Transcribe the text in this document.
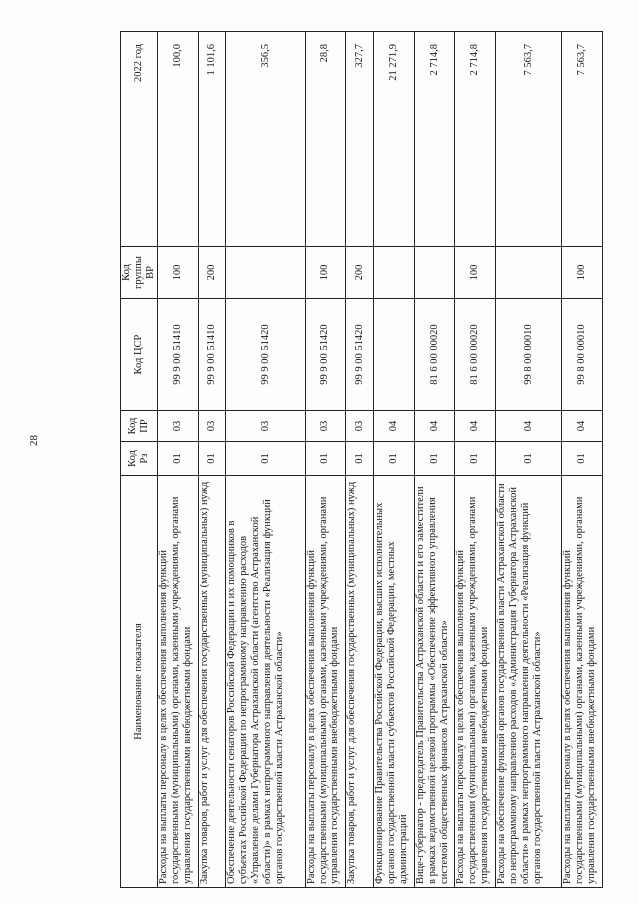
28
Наименование показателя	Код Рз	Код ПР	Код ЦСР	Код группы ВР	2022 год
Расходы на выплаты персоналу в целях обеспечения выполнения функций государственными (муниципальными) органами, казенными учреждениями, органами управления государственными внебюджетными фондами	01	03	99 9 00 51410	100	100,0
Закупка товаров, работ и услуг для обеспечения государственных (муниципальных) нужд	01	03	99 9 00 51410	200	1 101,6
Обеспечение деятельности сенаторов Российской Федерации и их помощников в субъектах Российской Федерации по непрограммному направлению расходов «Управление делами Губернатора Астраханской области (агентство Астраханской области)» в рамках непрограммного направления деятельности «Реализация функций органов государственной власти Астраханской области»	01	03	99 9 00 51420		356,5
Расходы на выплаты персоналу в целях обеспечения выполнения функций государственными (муниципальными) органами, казенными учреждениями, органами управления государственными внебюджетными фондами	01	03	99 9 00 51420	100	28,8
Закупка товаров, работ и услуг для обеспечения государственных (муниципальных) нужд	01	03	99 9 00 51420	200	327,7
Функционирование Правительства Российской Федерации, высших исполнительных органов государственной власти субъектов Российской Федерации, местных администраций	01	04			21 271,9
Вице-губернатор - председатель Правительства Астраханской области и его заместители в рамках ведомственной целевой программы «Обеспечение эффективного управления системой общественных финансов Астраханской области»	01	04	81 6 00 00020		2 714,8
Расходы на выплаты персоналу в целях обеспечения выполнения функций государственными (муниципальными) органами, казенными учреждениями, органами управления государственными внебюджетными фондами	01	04	81 6 00 00020	100	2 714,8
Расходы на обеспечение функций органов государственной власти Астраханской области по непрограммному направлению расходов «Администрация Губернатора Астраханской области» в рамках непрограммного направления деятельности «Реализация функций органов государственной власти Астраханской области»	01	04	99 8 00 00010		7 563,7
Расходы на выплаты персоналу в целях обеспечения выполнения функций государственными (муниципальными) органами, казенными учреждениями, органами управления государственными внебюджетными фондами	01	04	99 8 00 00010	100	7 563,7
